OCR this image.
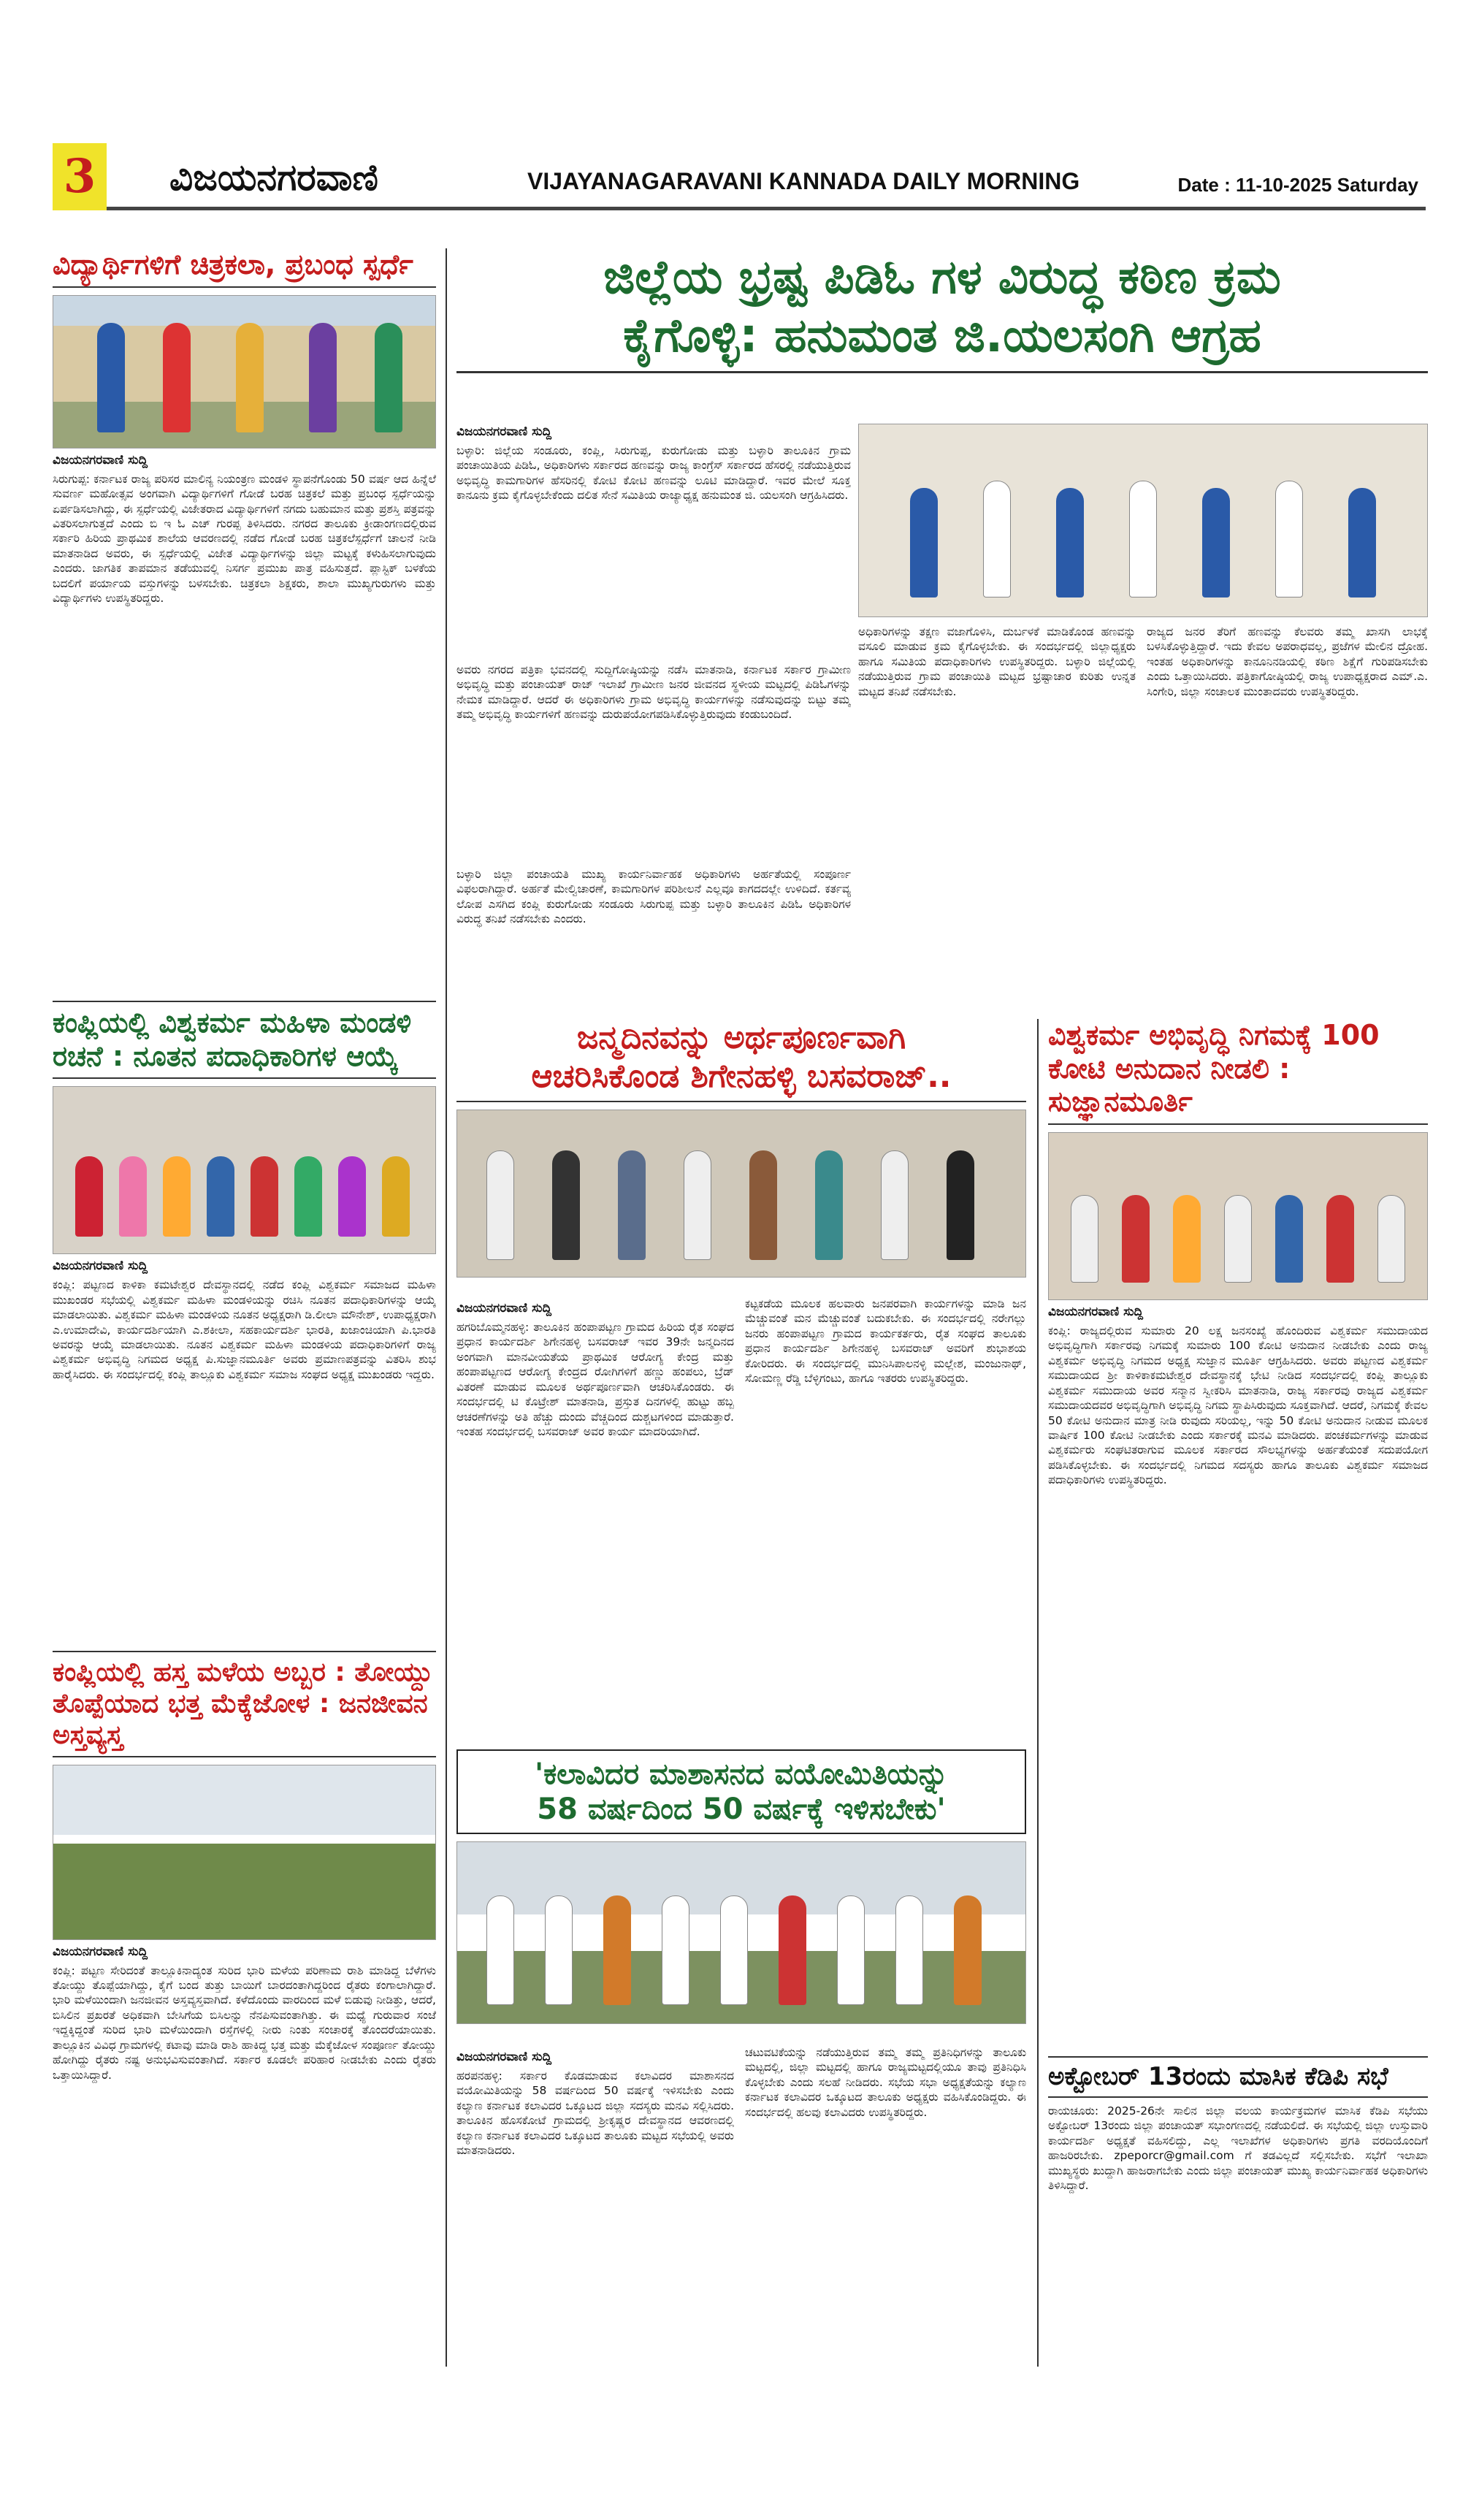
3 ವಿಜಯನಗರವಾಣಿ	VIJAYANAGARAVANI KANNADA DAILY MORNING	Date : 11-10-2025 Saturday
ವಿದ್ಯಾರ್ಥಿಗಳಿಗೆ ಚಿತ್ರಕಲಾ, ಪ್ರಬಂಧ ಸ್ಪರ್ಧೆ
ವಿಜಯನಗರವಾಣಿ ಸುದ್ದಿ
ಸಿರುಗುಪ್ಪ: ಕರ್ನಾಟಕ ರಾಜ್ಯ ಪರಿಸರ ಮಾಲಿನ್ಯ ನಿಯಂತ್ರಣ ಮಂಡಳಿ ಸ್ಥಾಪನೆಗೊಂಡು 50 ವರ್ಷ ಆದ ಹಿನ್ನೆಲೆ ಸುವರ್ಣ ಮಹೋತ್ಸವ ಅಂಗವಾಗಿ ವಿದ್ಯಾರ್ಥಿಗಳಿಗೆ ಗೋಡೆ ಬರಹ ಚಿತ್ರಕಲೆ ಮತ್ತು ಪ್ರಬಂಧ ಸ್ಪರ್ಧೆಯನ್ನು ಏರ್ಪಡಿಸಲಾಗಿದ್ದು, ಈ ಸ್ಪರ್ಧೆಯಲ್ಲಿ ವಿಜೇತರಾದ ವಿದ್ಯಾರ್ಥಿಗಳಿಗೆ ನಗದು ಬಹುಮಾನ ಮತ್ತು ಪ್ರಶಸ್ತಿ ಪತ್ರವನ್ನು ವಿತರಿಸಲಾಗುತ್ತದೆ ಎಂದು ಬಿ ಇ ಓ ಎಚ್ ಗುರಪ್ಪ ತಿಳಿಸಿದರು. ನಗರದ ತಾಲೂಕು ಕ್ರೀಡಾಂಗಣದಲ್ಲಿರುವ ಸರ್ಕಾರಿ ಹಿರಿಯ ಪ್ರಾಥಮಿಕ ಶಾಲೆಯ ಆವರಣದಲ್ಲಿ ನಡೆದ ಗೋಡೆ ಬರಹ ಚಿತ್ರಕಲೆಸ್ಪರ್ಧೆಗೆ ಚಾಲನೆ ನೀಡಿ ಮಾತನಾಡಿದ ಅವರು, ಈ ಸ್ಪರ್ಧೆಯಲ್ಲಿ ವಿಜೇತ ವಿದ್ಯಾರ್ಥಿಗಳನ್ನು ಜಿಲ್ಲಾ ಮಟ್ಟಕ್ಕೆ ಕಳುಹಿಸಲಾಗುವುದು ಎಂದರು. ಜಾಗತಿಕ ತಾಪಮಾನ ತಡೆಯುವಲ್ಲಿ ನಿಸರ್ಗ ಪ್ರಮುಖ ಪಾತ್ರ ವಹಿಸುತ್ತದೆ. ಪ್ಲಾಸ್ಟಿಕ್ ಬಳಕೆಯ ಬದಲಿಗೆ ಪರ್ಯಾಯ ವಸ್ತುಗಳನ್ನು ಬಳಸಬೇಕು. ಚಿತ್ರಕಲಾ ಶಿಕ್ಷಕರು, ಶಾಲಾ ಮುಖ್ಯಗುರುಗಳು ಮತ್ತು ವಿದ್ಯಾರ್ಥಿಗಳು ಉಪಸ್ಥಿತರಿದ್ದರು.
ಕಂಪ್ಲಿಯಲ್ಲಿ ವಿಶ್ವಕರ್ಮ ಮಹಿಳಾ ಮಂಡಳಿ ರಚನೆ : ನೂತನ ಪದಾಧಿಕಾರಿಗಳ ಆಯ್ಕೆ
ವಿಜಯನಗರವಾಣಿ ಸುದ್ದಿ
ಕಂಪ್ಲಿ: ಪಟ್ಟಣದ ಕಾಳಿಕಾ ಕಮಟೇಶ್ವರ ದೇವಸ್ಥಾನದಲ್ಲಿ ನಡೆದ ಕಂಪ್ಲಿ ವಿಶ್ವಕರ್ಮ ಸಮಾಜದ ಮಹಿಳಾ ಮುಖಂಡರ ಸಭೆಯಲ್ಲಿ ವಿಶ್ವಕರ್ಮ ಮಹಿಳಾ ಮಂಡಳಿಯನ್ನು ರಚಿಸಿ ನೂತನ ಪದಾಧಿಕಾರಿಗಳನ್ನು ಆಯ್ಕೆ ಮಾಡಲಾಯಿತು. ವಿಶ್ವಕರ್ಮ ಮಹಿಳಾ ಮಂಡಳಿಯ ನೂತನ ಅಧ್ಯಕ್ಷರಾಗಿ ಡಿ.ಲೀಲಾ ಮೌನೇಶ್, ಉಪಾಧ್ಯಕ್ಷರಾಗಿ ಎ.ಉಮಾದೇವಿ, ಕಾರ್ಯದರ್ಶಿಯಾಗಿ ಎ.ಶಕೀಲಾ, ಸಹಕಾರ್ಯದರ್ಶಿ ಭಾರತಿ, ಖಜಾಂಚಿಯಾಗಿ ಪಿ.ಭಾರತಿ ಅವರನ್ನು ಆಯ್ಕೆ ಮಾಡಲಾಯಿತು. ನೂತನ ವಿಶ್ವಕರ್ಮ ಮಹಿಳಾ ಮಂಡಳಿಯ ಪದಾಧಿಕಾರಿಗಳಿಗೆ ರಾಜ್ಯ ವಿಶ್ವಕರ್ಮ ಅಭಿವೃದ್ಧಿ ನಿಗಮದ ಅಧ್ಯಕ್ಷ ಪಿ.ಸುಜ್ಞಾನಮೂರ್ತಿ ಅವರು ಪ್ರಮಾಣಪತ್ರವನ್ನು ವಿತರಿಸಿ ಶುಭ ಹಾರೈಸಿದರು. ಈ ಸಂದರ್ಭದಲ್ಲಿ ಕಂಪ್ಲಿ ತಾಲ್ಲೂಕು ವಿಶ್ವಕರ್ಮ ಸಮಾಜ ಸಂಘದ ಅಧ್ಯಕ್ಷ ಮುಖಂಡರು ಇದ್ದರು.
ಕಂಪ್ಲಿಯಲ್ಲಿ ಹಸ್ತ ಮಳೆಯ ಅಬ್ಬರ : ತೋಯ್ದು ತೊಪ್ಪೆಯಾದ ಭತ್ತ ಮೆಕ್ಕೆಜೋಳ : ಜನಜೀವನ ಅಸ್ತವ್ಯಸ್ತ
ವಿಜಯನಗರವಾಣಿ ಸುದ್ದಿ
ಕಂಪ್ಲಿ: ಪಟ್ಟಣ ಸೇರಿದಂತೆ ತಾಲ್ಲೂಕಿನಾದ್ಯಂತ ಸುರಿದ ಭಾರಿ ಮಳೆಯ ಪರಿಣಾಮ ರಾಶಿ ಮಾಡಿದ್ದ ಬೆಳೆಗಳು ತೋಯ್ದು ತೊಪ್ಪೆಯಾಗಿದ್ದು, ಕೈಗೆ ಬಂದ ತುತ್ತು ಬಾಯಿಗೆ ಬಾರದಂತಾಗಿದ್ದರಿಂದ ರೈತರು ಕಂಗಾಲಾಗಿದ್ದಾರೆ. ಭಾರಿ ಮಳೆಯಿಂದಾಗಿ ಜನಜೀವನ ಅಸ್ತವ್ಯಸ್ತವಾಗಿದೆ. ಕಳೆದೊಂದು ವಾರದಿಂದ ಮಳೆ ಬಿಡುವು ನೀಡಿತ್ತು, ಆದರೆ, ಬಿಸಿಲಿನ ಪ್ರಖರತೆ ಅಧಿಕವಾಗಿ ಬೇಸಿಗೆಯ ಬಿಸಿಲನ್ನು ನೆನಪಿಸುವಂತಾಗಿತ್ತು. ಈ ಮಧ್ಯೆ ಗುರುವಾರ ಸಂಜೆ ಇದ್ದಕ್ಕಿದ್ದಂತೆ ಸುರಿದ ಭಾರಿ ಮಳೆಯಿಂದಾಗಿ ರಸ್ತೆಗಳಲ್ಲಿ ನೀರು ನಿಂತು ಸಂಚಾರಕ್ಕೆ ತೊಂದರೆಯಾಯಿತು. ತಾಲ್ಲೂಕಿನ ವಿವಿಧ ಗ್ರಾಮಗಳಲ್ಲಿ ಕಟಾವು ಮಾಡಿ ರಾಶಿ ಹಾಕಿದ್ದ ಭತ್ತ ಮತ್ತು ಮೆಕ್ಕೆಜೋಳ ಸಂಪೂರ್ಣ ತೋಯ್ದು ಹೋಗಿದ್ದು ರೈತರು ನಷ್ಟ ಅನುಭವಿಸುವಂತಾಗಿದೆ. ಸರ್ಕಾರ ಕೂಡಲೇ ಪರಿಹಾರ ನೀಡಬೇಕು ಎಂದು ರೈತರು ಒತ್ತಾಯಿಸಿದ್ದಾರೆ.
ಜಿಲ್ಲೆಯ ಭ್ರಷ್ಟ ಪಿಡಿಓ ಗಳ ವಿರುದ್ಧ ಕಠಿಣ ಕ್ರಮ
ಕೈಗೊಳ್ಳಿ: ಹನುಮಂತ ಜಿ.ಯಲಸಂಗಿ ಆಗ್ರಹ
ವಿಜಯನಗರವಾಣಿ ಸುದ್ದಿ
ಬಳ್ಳಾರಿ: ಜಿಲ್ಲೆಯ ಸಂಡೂರು, ಕಂಪ್ಲಿ, ಸಿರುಗುಪ್ಪ, ಕುರುಗೋಡು ಮತ್ತು ಬಳ್ಳಾರಿ ತಾಲೂಕಿನ ಗ್ರಾಮ ಪಂಚಾಯಿತಿಯ ಪಿಡಿಓ, ಅಧಿಕಾರಿಗಳು ಸರ್ಕಾರದ ಹಣವನ್ನು ರಾಜ್ಯ ಕಾಂಗ್ರೆಸ್ ಸರ್ಕಾರದ ಹೆಸರಲ್ಲಿ ನಡೆಯುತ್ತಿರುವ ಅಭಿವೃದ್ಧಿ ಕಾಮಗಾರಿಗಳ ಹೆಸರಿನಲ್ಲಿ ಕೋಟಿ ಕೋಟಿ ಹಣವನ್ನು ಲೂಟಿ ಮಾಡಿದ್ದಾರೆ. ಇವರ ಮೇಲೆ ಸೂಕ್ತ ಕಾನೂನು ಕ್ರಮ ಕೈಗೊಳ್ಳಬೇಕೆಂದು ದಲಿತ ಸೇನೆ ಸಮಿತಿಯ ರಾಜ್ಯಾಧ್ಯಕ್ಷ ಹನುಮಂತ ಜಿ. ಯಲಸಂಗಿ ಆಗ್ರಹಿಸಿದರು.
ಅವರು ನಗರದ ಪತ್ರಿಕಾ ಭವನದಲ್ಲಿ ಸುದ್ದಿಗೋಷ್ಠಿಯನ್ನು ನಡೆಸಿ ಮಾತನಾಡಿ, ಕರ್ನಾಟಕ ಸರ್ಕಾರ ಗ್ರಾಮೀಣ ಅಭಿವೃದ್ಧಿ ಮತ್ತು ಪಂಚಾಯತ್ ರಾಜ್ ಇಲಾಖೆ ಗ್ರಾಮೀಣ ಜನರ ಜೀವನದ ಸ್ಥಳೀಯ ಮಟ್ಟದಲ್ಲಿ ಪಿಡಿಓಗಳನ್ನು ನೇಮಕ ಮಾಡಿದ್ದಾರೆ. ಆದರೆ ಈ ಅಧಿಕಾರಿಗಳು ಗ್ರಾಮ ಅಭಿವೃದ್ಧಿ ಕಾರ್ಯಗಳನ್ನು ನಡೆಸುವುದನ್ನು ಬಿಟ್ಟು ತಮ್ಮ ತಮ್ಮ ಅಭಿವೃದ್ಧಿ ಕಾರ್ಯಗಳಿಗೆ ಹಣವನ್ನು ದುರುಪಯೋಗಪಡಿಸಿಕೊಳ್ಳುತ್ತಿರುವುದು ಕಂಡುಬಂದಿದೆ.
ಬಳ್ಳಾರಿ ಜಿಲ್ಲಾ ಪಂಚಾಯತಿ ಮುಖ್ಯ ಕಾರ್ಯನಿರ್ವಾಹಕ ಅಧಿಕಾರಿಗಳು ಅರ್ಹತೆಯಲ್ಲಿ ಸಂಪೂರ್ಣ ವಿಫಲರಾಗಿದ್ದಾರೆ. ಅರ್ಹತೆ ಮೇಲ್ವಿಚಾರಣೆ, ಕಾಮಗಾರಿಗಳ ಪರಿಶೀಲನೆ ಎಲ್ಲವೂ ಕಾಗದದಲ್ಲೇ ಉಳಿದಿದೆ. ಕರ್ತವ್ಯ ಲೋಪ ಎಸಗಿದ ಕಂಪ್ಲಿ ಕುರುಗೋಡು ಸಂಡೂರು ಸಿರುಗುಪ್ಪ ಮತ್ತು ಬಳ್ಳಾರಿ ತಾಲೂಕಿನ ಪಿಡಿಓ ಅಧಿಕಾರಿಗಳ ವಿರುದ್ಧ ತನಿಖೆ ನಡೆಸಬೇಕು ಎಂದರು.
ಅಧಿಕಾರಿಗಳನ್ನು ತಕ್ಷಣ ವಜಾಗೊಳಿಸಿ, ದುರ್ಬಳಕೆ ಮಾಡಿಕೊಂಡ ಹಣವನ್ನು ವಸೂಲಿ ಮಾಡುವ ಕ್ರಮ ಕೈಗೊಳ್ಳಬೇಕು. ಈ ಸಂದರ್ಭದಲ್ಲಿ ಜಿಲ್ಲಾಧ್ಯಕ್ಷರು ಹಾಗೂ ಸಮಿತಿಯ ಪದಾಧಿಕಾರಿಗಳು ಉಪಸ್ಥಿತರಿದ್ದರು. ಬಳ್ಳಾರಿ ಜಿಲ್ಲೆಯಲ್ಲಿ ನಡೆಯುತ್ತಿರುವ ಗ್ರಾಮ ಪಂಚಾಯಿತಿ ಮಟ್ಟದ ಭ್ರಷ್ಟಾಚಾರ ಕುರಿತು ಉನ್ನತ ಮಟ್ಟದ ತನಿಖೆ ನಡೆಸಬೇಕು.
ರಾಜ್ಯದ ಜನರ ತೆರಿಗೆ ಹಣವನ್ನು ಕೆಲವರು ತಮ್ಮ ಖಾಸಗಿ ಲಾಭಕ್ಕೆ ಬಳಸಿಕೊಳ್ಳುತ್ತಿದ್ದಾರೆ. ಇದು ಕೇವಲ ಅಪರಾಧವಲ್ಲ, ಪ್ರಜೆಗಳ ಮೇಲಿನ ದ್ರೋಹ. ಇಂತಹ ಅಧಿಕಾರಿಗಳನ್ನು ಕಾನೂನಿನಡಿಯಲ್ಲಿ ಕಠಿಣ ಶಿಕ್ಷೆಗೆ ಗುರಿಪಡಿಸಬೇಕು ಎಂದು ಒತ್ತಾಯಿಸಿದರು. ಪತ್ರಿಕಾಗೋಷ್ಠಿಯಲ್ಲಿ ರಾಜ್ಯ ಉಪಾಧ್ಯಕ್ಷರಾದ ಎಮ್.ಎ. ಸಿಂಗೇರಿ, ಜಿಲ್ಲಾ ಸಂಚಾಲಕ ಮುಂತಾದವರು ಉಪಸ್ಥಿತರಿದ್ದರು.
ಜನ್ಮದಿನವನ್ನು ಅರ್ಥಪೂರ್ಣವಾಗಿ
ಆಚರಿಸಿಕೊಂಡ ಶಿಗೇನಹಳ್ಳಿ ಬಸವರಾಜ್..
ವಿಜಯನಗರವಾಣಿ ಸುದ್ದಿ
ಹಗರಿಬೊಮ್ಮನಹಳ್ಳಿ: ತಾಲೂಕಿನ ಹಂಪಾಪಟ್ಟಣ ಗ್ರಾಮದ ಹಿರಿಯ ರೈತ ಸಂಘದ ಪ್ರಧಾನ ಕಾರ್ಯದರ್ಶಿ ಶಿಗೇನಹಳ್ಳಿ ಬಸವರಾಜ್ ಇವರ 39ನೇ ಜನ್ಮದಿನದ ಅಂಗವಾಗಿ ಮಾನವೀಯತೆಯ ಪ್ರಾಥಮಿಕ ಆರೋಗ್ಯ ಕೇಂದ್ರ ಮತ್ತು ಹಂಪಾಪಟ್ಟಣದ ಆರೋಗ್ಯ ಕೇಂದ್ರದ ರೋಗಿಗಳಿಗೆ ಹಣ್ಣು ಹಂಪಲು, ಬ್ರೆಡ್ ವಿತರಣೆ ಮಾಡುವ ಮೂಲಕ ಅರ್ಥಪೂರ್ಣವಾಗಿ ಆಚರಿಸಿಕೊಂಡರು. ಈ ಸಂದರ್ಭದಲ್ಲಿ ಟಿ ಕೊಟ್ರೇಶ್ ಮಾತನಾಡಿ, ಪ್ರಸ್ತುತ ದಿನಗಳಲ್ಲಿ ಹುಟ್ಟು ಹಬ್ಬ ಆಚರಣೆಗಳನ್ನು ಅತಿ ಹೆಚ್ಚು ದುಂದು ವೆಚ್ಚದಿಂದ ದುಶ್ಚಟಗಳಿಂದ ಮಾಡುತ್ತಾರೆ. ಇಂತಹ ಸಂದರ್ಭದಲ್ಲಿ ಬಸವರಾಜ್ ಅವರ ಕಾರ್ಯ ಮಾದರಿಯಾಗಿದೆ.
ಕಟ್ಟಕಡೆಯ ಮೂಲಕ ಹಲವಾರು ಜನಪರವಾಗಿ ಕಾರ್ಯಗಳನ್ನು ಮಾಡಿ ಜನ ಮೆಚ್ಚುವಂತೆ ಮನ ಮೆಚ್ಚುವಂತೆ ಬದುಕಬೇಕು. ಈ ಸಂದರ್ಭದಲ್ಲಿ ನರೇಗಲ್ಲು ಜನರು ಹಂಪಾಪಟ್ಟಣ ಗ್ರಾಮದ ಕಾರ್ಯಕರ್ತರು, ರೈತ ಸಂಘದ ತಾಲೂಕು ಪ್ರಧಾನ ಕಾರ್ಯದರ್ಶಿ ಶಿಗೇನಹಳ್ಳಿ ಬಸವರಾಜ್ ಅವರಿಗೆ ಶುಭಾಶಯ ಕೋರಿದರು. ಈ ಸಂದರ್ಭದಲ್ಲಿ ಮುನಿಸಿಪಾಲನಳ್ಳಿ ಮಲ್ಲೇಶ, ಮಂಜುನಾಥ್, ಸೋಮಣ್ಣ ರೆಡ್ಡಿ ಬೆಳ್ಳಿಗಂಟು, ಹಾಗೂ ಇತರರು ಉಪಸ್ಥಿತರಿದ್ದರು.
'ಕಲಾವಿದರ ಮಾಶಾಸನದ ವಯೋಮಿತಿಯನ್ನು
58 ವರ್ಷದಿಂದ 50 ವರ್ಷಕ್ಕೆ ಇಳಿಸಬೇಕು'
ವಿಜಯನಗರವಾಣಿ ಸುದ್ದಿ
ಹರಪನಹಳ್ಳಿ: ಸರ್ಕಾರ ಕೊಡಮಾಡುವ ಕಲಾವಿದರ ಮಾಶಾಸನದ ವಯೋಮಿತಿಯನ್ನು 58 ವರ್ಷದಿಂದ 50 ವರ್ಷಕ್ಕೆ ಇಳಿಸಬೇಕು ಎಂದು ಕಲ್ಯಾಣ ಕರ್ನಾಟಕ ಕಲಾವಿದರ ಒಕ್ಕೂಟದ ಜಿಲ್ಲಾ ಸದಸ್ಯರು ಮನವಿ ಸಲ್ಲಿಸಿದರು. ತಾಲೂಕಿನ ಹೊಸಕೋಟೆ ಗ್ರಾಮದಲ್ಲಿ ಶ್ರೀಕೃಷ್ಣರ ದೇವಸ್ಥಾನದ ಆವರಣದಲ್ಲಿ ಕಲ್ಯಾಣ ಕರ್ನಾಟಕ ಕಲಾವಿದರ ಒಕ್ಕೂಟದ ತಾಲೂಕು ಮಟ್ಟದ ಸಭೆಯಲ್ಲಿ ಅವರು ಮಾತನಾಡಿದರು.
ಚಟುವಟಿಕೆಯನ್ನು ನಡೆಯುತ್ತಿರುವ ತಮ್ಮ ತಮ್ಮ ಪ್ರತಿನಿಧಿಗಳನ್ನು ತಾಲೂಕು ಮಟ್ಟದಲ್ಲಿ, ಜಿಲ್ಲಾ ಮಟ್ಟದಲ್ಲಿ ಹಾಗೂ ರಾಜ್ಯಮಟ್ಟದಲ್ಲಿಯೂ ತಾವು ಪ್ರತಿನಿಧಿಸಿ ಕೊಳ್ಳಬೇಕು ಎಂದು ಸಲಹೆ ನೀಡಿದರು. ಸಭೆಯ ಸಭಾ ಅಧ್ಯಕ್ಷತೆಯನ್ನು ಕಲ್ಯಾಣ ಕರ್ನಾಟಕ ಕಲಾವಿದರ ಒಕ್ಕೂಟದ ತಾಲೂಕು ಅಧ್ಯಕ್ಷರು ವಹಿಸಿಕೊಂಡಿದ್ದರು. ಈ ಸಂದರ್ಭದಲ್ಲಿ ಹಲವು ಕಲಾವಿದರು ಉಪಸ್ಥಿತರಿದ್ದರು.
ವಿಶ್ವಕರ್ಮ ಅಭಿವೃದ್ಧಿ ನಿಗಮಕ್ಕೆ 100 ಕೋಟಿ ಅನುದಾನ ನೀಡಲಿ : ಸುಜ್ಞಾನಮೂರ್ತಿ
ವಿಜಯನಗರವಾಣಿ ಸುದ್ದಿ
ಕಂಪ್ಲಿ: ರಾಜ್ಯದಲ್ಲಿರುವ ಸುಮಾರು 20 ಲಕ್ಷ ಜನಸಂಖ್ಯೆ ಹೊಂದಿರುವ ವಿಶ್ವಕರ್ಮ ಸಮುದಾಯದ ಅಭಿವೃದ್ಧಿಗಾಗಿ ಸರ್ಕಾರವು ನಿಗಮಕ್ಕೆ ಸುಮಾರು 100 ಕೋಟಿ ಅನುದಾನ ನೀಡಬೇಕು ಎಂದು ರಾಜ್ಯ ವಿಶ್ವಕರ್ಮ ಅಭಿವೃದ್ಧಿ ನಿಗಮದ ಅಧ್ಯಕ್ಷ ಸುಜ್ಞಾನ ಮೂರ್ತಿ ಆಗ್ರಹಿಸಿದರು. ಅವರು ಪಟ್ಟಣದ ವಿಶ್ವಕರ್ಮ ಸಮುದಾಯದ ಶ್ರೀ ಕಾಳಿಕಾಕಮಟೇಶ್ವರ ದೇವಸ್ಥಾನಕ್ಕೆ ಭೇಟಿ ನೀಡಿದ ಸಂದರ್ಭದಲ್ಲಿ ಕಂಪ್ಲಿ ತಾಲ್ಲೂಕು ವಿಶ್ವಕರ್ಮ ಸಮುದಾಯ ಅವರ ಸನ್ಮಾನ ಸ್ವೀಕರಿಸಿ ಮಾತನಾಡಿ, ರಾಜ್ಯ ಸರ್ಕಾರವು ರಾಜ್ಯದ ವಿಶ್ವಕರ್ಮ ಸಮುದಾಯದವರ ಅಭಿವೃದ್ಧಿಗಾಗಿ ಅಭಿವೃದ್ಧಿ ನಿಗಮ ಸ್ಥಾಪಿಸಿರುವುದು ಸೂಕ್ತವಾಗಿದೆ. ಆದರೆ, ನಿಗಮಕ್ಕೆ ಕೇವಲ 50 ಕೋಟಿ ಅನುದಾನ ಮಾತ್ರ ನೀಡಿ ರುವುದು ಸರಿಯಲ್ಲ, ಇನ್ನು 50 ಕೋಟಿ ಅನುದಾನ ನೀಡುವ ಮೂಲಕ ವಾರ್ಷಿಕ 100 ಕೋಟಿ ನೀಡಬೇಕು ಎಂದು ಸರ್ಕಾರಕ್ಕೆ ಮನವಿ ಮಾಡಿದರು. ಪಂಚಕರ್ಮಗಳನ್ನು ಮಾಡುವ ವಿಶ್ವಕರ್ಮರು ಸಂಘಟಿತರಾಗುವ ಮೂಲಕ ಸರ್ಕಾರದ ಸೌಲಭ್ಯಗಳನ್ನು ಅರ್ಹತೆಯಂತೆ ಸದುಪಯೋಗ ಪಡಿಸಿಕೊಳ್ಳಬೇಕು. ಈ ಸಂದರ್ಭದಲ್ಲಿ ನಿಗಮದ ಸದಸ್ಯರು ಹಾಗೂ ತಾಲೂಕು ವಿಶ್ವಕರ್ಮ ಸಮಾಜದ ಪದಾಧಿಕಾರಿಗಳು ಉಪಸ್ಥಿತರಿದ್ದರು.
ಅಕ್ಟೋಬರ್ 13ರಂದು ಮಾಸಿಕ ಕೆಡಿಪಿ ಸಭೆ
ರಾಯಚೂರು: 2025-26ನೇ ಸಾಲಿನ ಜಿಲ್ಲಾ ವಲಯ ಕಾರ್ಯಕ್ರಮಗಳ ಮಾಸಿಕ ಕೆಡಿಪಿ ಸಭೆಯು ಅಕ್ಟೋಬರ್ 13ರಂದು ಜಿಲ್ಲಾ ಪಂಚಾಯತ್ ಸಭಾಂಗಣದಲ್ಲಿ ನಡೆಯಲಿದೆ. ಈ ಸಭೆಯಲ್ಲಿ ಜಿಲ್ಲಾ ಉಸ್ತುವಾರಿ ಕಾರ್ಯದರ್ಶಿ ಅಧ್ಯಕ್ಷತೆ ವಹಿಸಲಿದ್ದು, ಎಲ್ಲ ಇಲಾಖೆಗಳ ಅಧಿಕಾರಿಗಳು ಪ್ರಗತಿ ವರದಿಯೊಂದಿಗೆ ಹಾಜರಿರಬೇಕು. zpeporcr@gmail.com ಗೆ ತಡವಿಲ್ಲದೆ ಸಲ್ಲಿಸಬೇಕು. ಸಭೆಗೆ ಇಲಾಖಾ ಮುಖ್ಯಸ್ಥರು ಖುದ್ದಾಗಿ ಹಾಜರಾಗಬೇಕು ಎಂದು ಜಿಲ್ಲಾ ಪಂಚಾಯತ್ ಮುಖ್ಯ ಕಾರ್ಯನಿರ್ವಾಹಕ ಅಧಿಕಾರಿಗಳು ತಿಳಿಸಿದ್ದಾರೆ.
